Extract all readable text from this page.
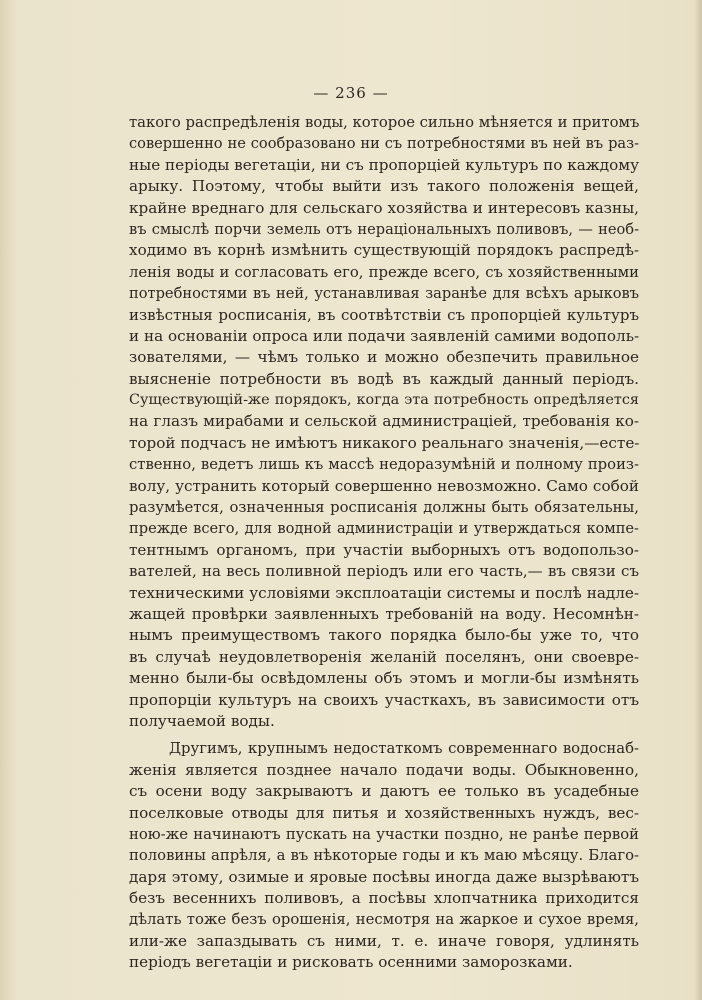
— 236 —
такого распредѣленія воды, которое сильно мѣняется и притомъ
совершенно не сообразовано ни съ потребностями въ ней въ раз-
ные періоды вегетаціи, ни съ пропорціей культуръ по каждому
арыку. Поэтому, чтобы выйти изъ такого положенія вещей,
крайне вреднаго для сельскаго хозяйства и интересовъ казны,
въ смыслѣ порчи земель отъ нераціональныхъ поливовъ, — необ-
ходимо въ корнѣ измѣнить существующій порядокъ распредѣ-
ленія воды и согласовать его, прежде всего, съ хозяйственными
потребностями въ ней, устанавливая заранѣе для всѣхъ арыковъ
извѣстныя росписанія, въ соотвѣтствіи съ пропорціей культуръ
и на основаніи опроса или подачи заявленій самими водополь-
зователями, — чѣмъ только и можно обезпечить правильное
выясненіе потребности въ водѣ въ каждый данный періодъ.
Существующій-же порядокъ, когда эта потребность опредѣляется
на глазъ мирабами и сельской администраціей, требованія ко-
торой подчасъ не имѣютъ никакого реальнаго значенія,—есте-
ственно, ведетъ лишь къ массѣ недоразумѣній и полному произ-
волу, устранить который совершенно невозможно. Само собой
разумѣется, означенныя росписанія должны быть обязательны,
прежде всего, для водной администраціи и утверждаться компе-
тентнымъ органомъ, при участіи выборныхъ отъ водопользо-
вателей, на весь поливной періодъ или его часть,— въ связи съ
техническими условіями эксплоатаціи системы и послѣ надле-
жащей провѣрки заявленныхъ требованій на воду. Несомнѣн-
нымъ преимуществомъ такого порядка было-бы уже то, что
въ случаѣ неудовлетворенія желаній поселянъ, они своевре-
менно были-бы освѣдомлены объ этомъ и могли-бы измѣнять
пропорціи культуръ на своихъ участкахъ, въ зависимости отъ
получаемой воды.
Другимъ, крупнымъ недостаткомъ современнаго водоснаб-
женія является позднее начало подачи воды. Обыкновенно,
съ осени воду закрываютъ и даютъ ее только въ усадебные
поселковые отводы для питья и хозяйственныхъ нуждъ, вес-
ною-же начинаютъ пускать на участки поздно, не ранѣе первой
половины апрѣля, а въ нѣкоторые годы и къ маю мѣсяцу. Благо-
даря этому, озимые и яровые посѣвы иногда даже вызрѣваютъ
безъ весеннихъ поливовъ, а посѣвы хлопчатника приходится
дѣлать тоже безъ орошенія, несмотря на жаркое и сухое время,
или-же запаздывать съ ними, т. е. иначе говоря, удлинять
періодъ вегетаціи и рисковать осенними заморозками.
